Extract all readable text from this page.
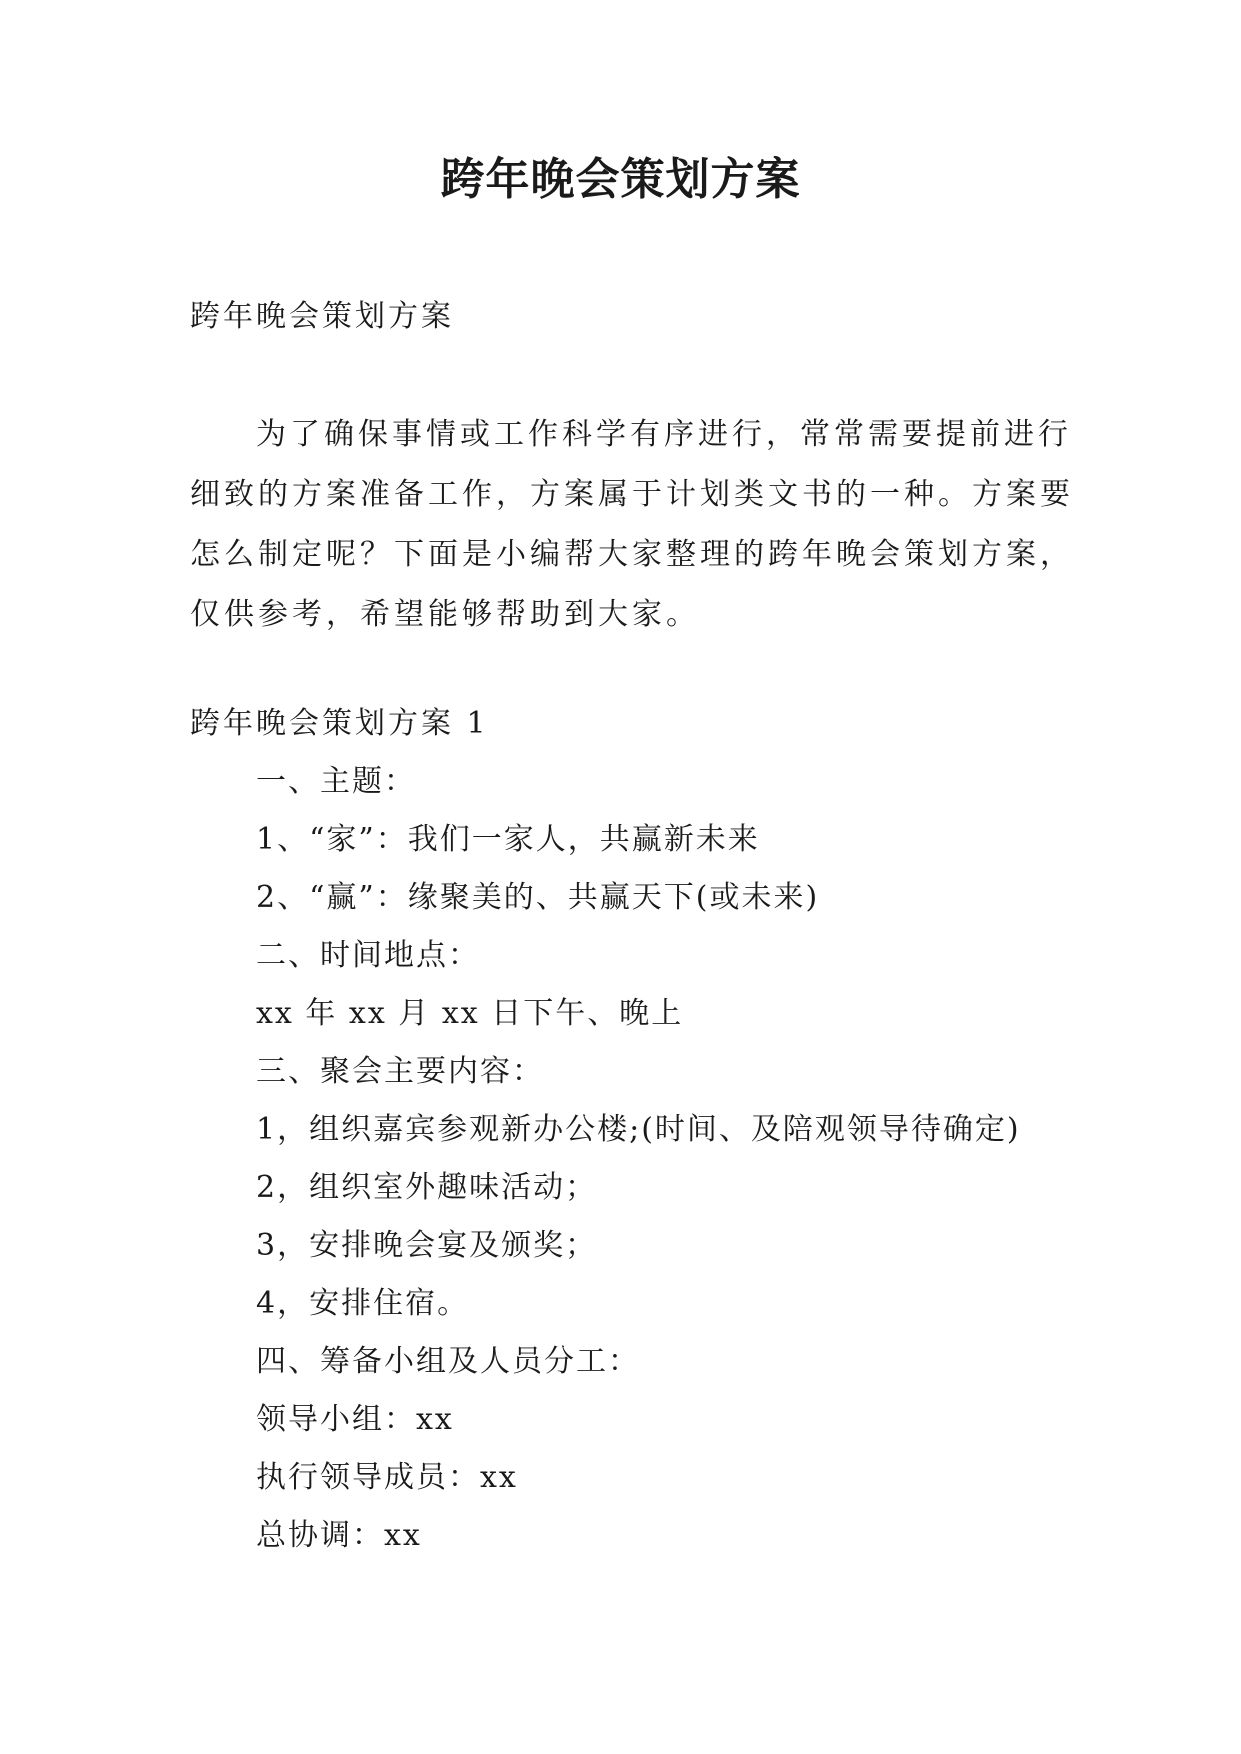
跨年晚会策划方案
跨年晚会策划方案
为了确保事情或工作科学有序进行，常常需要提前进行
细致的方案准备工作，方案属于计划类文书的一种。方案要
怎么制定呢？下面是小编帮大家整理的跨年晚会策划方案，
仅供参考，希望能够帮助到大家。
跨年晚会策划方案 1
一、主题：
1、“家”：我们一家人，共赢新未来
2、“赢”：缘聚美的、共赢天下(或未来)
二、时间地点：
xx 年 xx 月 xx 日下午、晚上
三、聚会主要内容：
1，组织嘉宾参观新办公楼;(时间、及陪观领导待确定)
2，组织室外趣味活动；
3，安排晚会宴及颁奖；
4，安排住宿。
四、筹备小组及人员分工：
领导小组：xx
执行领导成员：xx
总协调：xx
